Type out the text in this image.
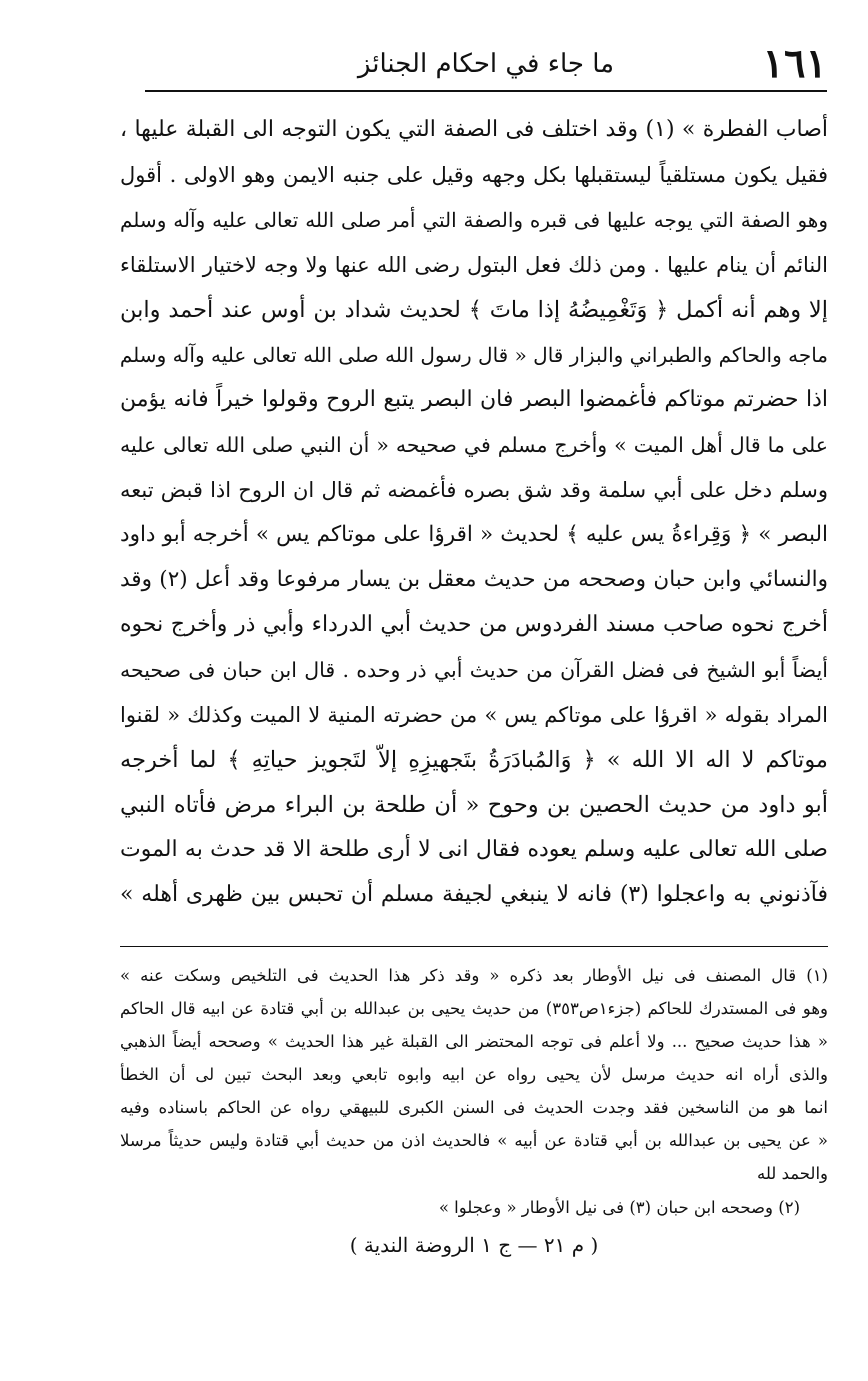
١٦١
ما جاء في احكام الجنائز
أصاب الفطرة » (١) وقد اختلف فى الصفة التي يكون التوجه الى القبلة عليها ،
فقيل يكون مستلقياً ليستقبلها بكل وجهه وقيل على جنبه الايمن وهو الاولى . أقول
وهو الصفة التي يوجه عليها فى قبره والصفة التي أمر صلى الله تعالى عليه وآله وسلم
النائم أن ينام عليها . ومن ذلك فعل البتول رضى الله عنها ولا وجه لاختيار الاستلقاء
إلا وهم أنه أكمل ﴿ وَتَغْمِيضُهُ إذا ماتَ ﴾ لحديث شداد بن أوس عند أحمد وابن
ماجه والحاكم والطبراني والبزار قال « قال رسول الله صلى الله تعالى عليه وآله وسلم
اذا حضرتم موتاكم فأغمضوا البصر فان البصر يتبع الروح وقولوا خيراً فانه يؤمن
على ما قال أهل الميت » وأخرج مسلم في صحيحه « أن النبي صلى الله تعالى عليه
وسلم دخل على أبي سلمة وقد شق بصره فأغمضه ثم قال ان الروح اذا قبض تبعه
البصر » ﴿ وَقِراءةُ يس عليه ﴾ لحديث « اقرؤا على موتاكم يس » أخرجه أبو داود
والنسائي وابن حبان وصححه من حديث معقل بن يسار مرفوعا وقد أعل (٢) وقد
أخرج نحوه صاحب مسند الفردوس من حديث أبي الدرداء وأبي ذر وأخرج نحوه
أيضاً أبو الشيخ فى فضل القرآن من حديث أبي ذر وحده . قال ابن حبان فى صحيحه
المراد بقوله « اقرؤا على موتاكم يس » من حضرته المنية لا الميت وكذلك « لقنوا
موتاكم لا اله الا الله » ﴿ وَالمُبادَرَةُ بتَجهيزِهِ إلاّ لتَجويز حياتِهِ ﴾ لما أخرجه
أبو داود من حديث الحصين بن وحوح « أن طلحة بن البراء مرض فأتاه النبي
صلى الله تعالى عليه وسلم يعوده فقال انى لا أرى طلحة الا قد حدث به الموت
فآذنوني به واعجلوا (٣) فانه لا ينبغي لجيفة مسلم أن تحبس بين ظهرى أهله »
(١) قال المصنف فى نيل الأوطار بعد ذكره « وقد ذكر هذا الحديث فى التلخيص وسكت عنه »
وهو فى المستدرك للحاكم (جزء١ص٣٥٣) من حديث يحيى بن عبدالله بن أبي قتادة عن ابيه قال الحاكم
« هذا حديث صحيح ... ولا أعلم فى توجه المحتضر الى القبلة غير هذا الحديث » وصححه أيضاً الذهبي
والذى أراه انه حديث مرسل لأن يحيى رواه عن ابيه وابوه تابعي وبعد البحث تبين لى أن الخطأ
انما هو من الناسخين فقد وجدت الحديث فى السنن الكبرى للبيهقي رواه عن الحاكم باسناده وفيه
« عن يحيى بن عبدالله بن أبي قتادة عن أبيه » فالحديث اذن من حديث أبي قتادة وليس حديثاً مرسلا
والحمد لله
(٢) وصححه ابن حبان (٣) فى نيل الأوطار « وعجلوا »
( م ٢١ — ج ١ الروضة الندية )
